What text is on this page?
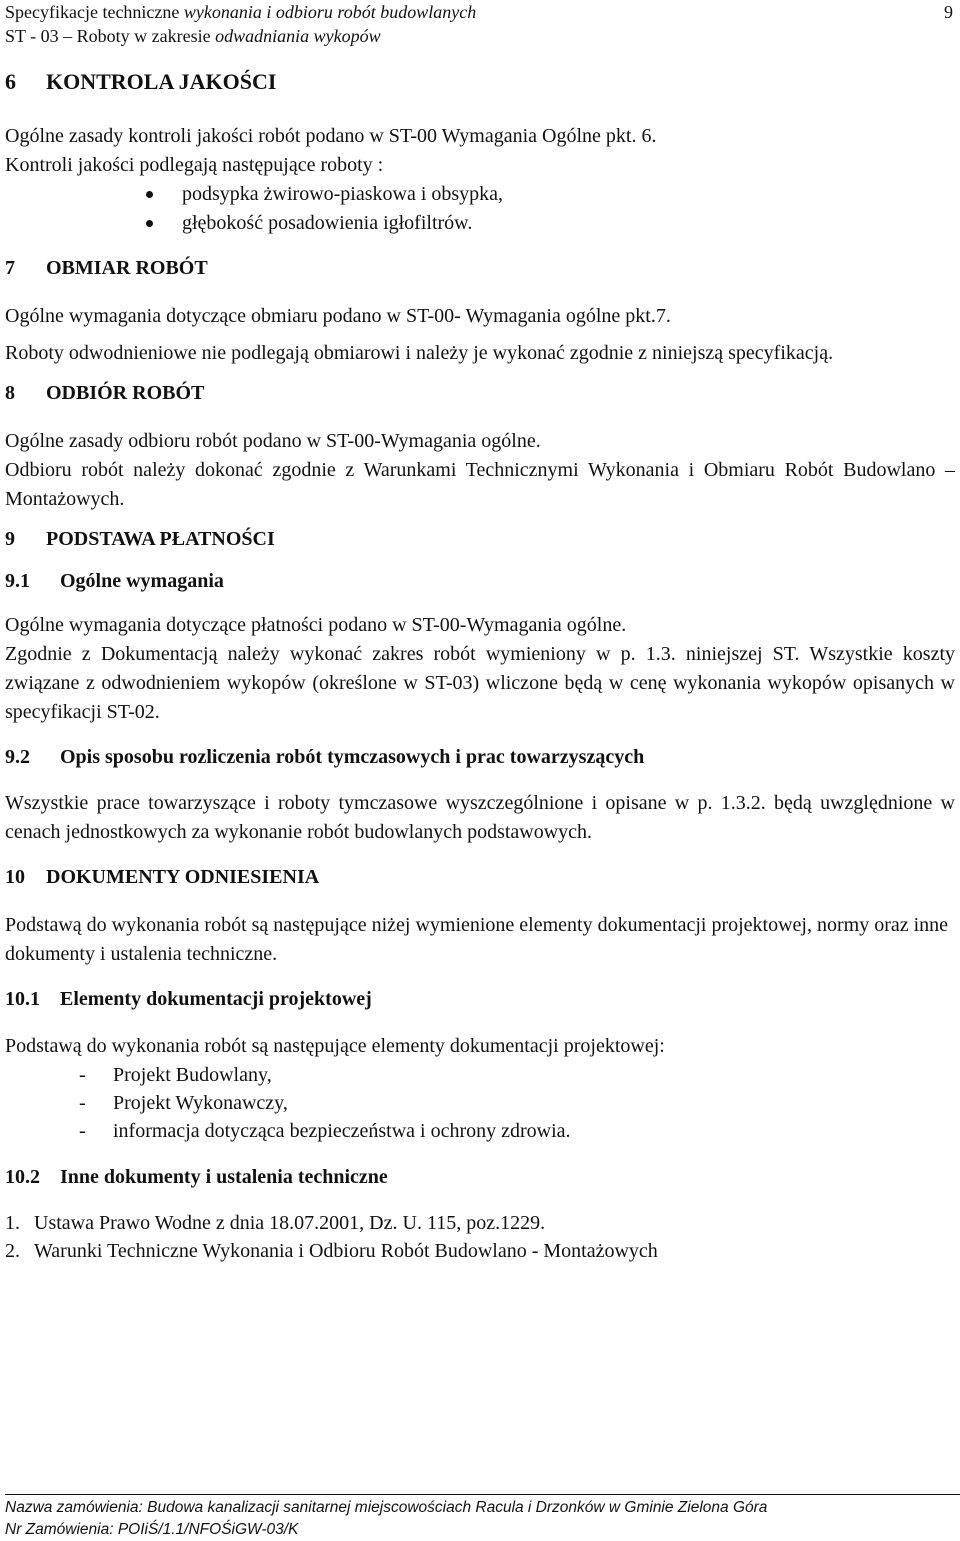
Specyfikacje techniczne wykonania i odbioru robót budowlanych
ST - 03 – Roboty w zakresie odwadniania wykopów
9
6 KONTROLA JAKOŚCI

Ogólne zasady kontroli jakości robót podano w ST-00 Wymagania Ogólne pkt. 6.

Kontroli jakości podlegają następujące roboty :

podsypka żwirowo-piaskowa i obsypka,
głębokość posadowienia igłofiltrów.
7 OBMIAR ROBÓT

Ogólne wymagania dotyczące obmiaru podano w ST-00- Wymagania ogólne pkt.7.

Roboty odwodnieniowe nie podlegają obmiarowi i należy je wykonać zgodnie z niniejszą specyfikacją.

8 ODBIÓR ROBÓT

Ogólne zasady odbioru robót podano w ST-00-Wymagania ogólne.

Odbioru robót należy dokonać zgodnie z Warunkami Technicznymi Wykonania i Obmiaru Robót Budowlano – Montażowych.

9 PODSTAWA PŁATNOŚCI
9.1 Ogólne wymagania

Ogólne wymagania dotyczące płatności podano w ST-00-Wymagania ogólne.

Zgodnie z Dokumentacją należy wykonać zakres robót wymieniony w p. 1.3. niniejszej ST. Wszystkie koszty związane z odwodnieniem wykopów (określone w ST-03) wliczone będą w cenę wykonania wykopów opisanych w specyfikacji ST-02.

9.2 Opis sposobu rozliczenia robót tymczasowych i prac towarzyszących

Wszystkie prace towarzyszące i roboty tymczasowe wyszczególnione i opisane w p. 1.3.2. będą uwzględnione w cenach jednostkowych za wykonanie robót budowlanych podstawowych.

10 DOKUMENTY ODNIESIENIA

Podstawą do wykonania robót są następujące niżej wymienione elementy dokumentacji projektowej, normy oraz inne dokumenty i ustalenia techniczne.

10.1 Elementy dokumentacji projektowej

Podstawą do wykonania robót są następujące elementy dokumentacji projektowej:

- Projekt Budowlany,
- Projekt Wykonawczy,
- informacja dotycząca bezpieczeństwa i ochrony zdrowia.
10.2 Inne dokumenty i ustalenia techniczne
1. Ustawa Prawo Wodne z dnia 18.07.2001, Dz. U. 115, poz.1229.
2. Warunki Techniczne Wykonania i Odbioru Robót Budowlano - Montażowych
Nazwa zamówienia: Budowa kanalizacji sanitarnej miejscowościach Racula i Drzonków w Gminie Zielona Góra
Nr Zamówienia: POIiŚ/1.1/NFOŚiGW-03/K
